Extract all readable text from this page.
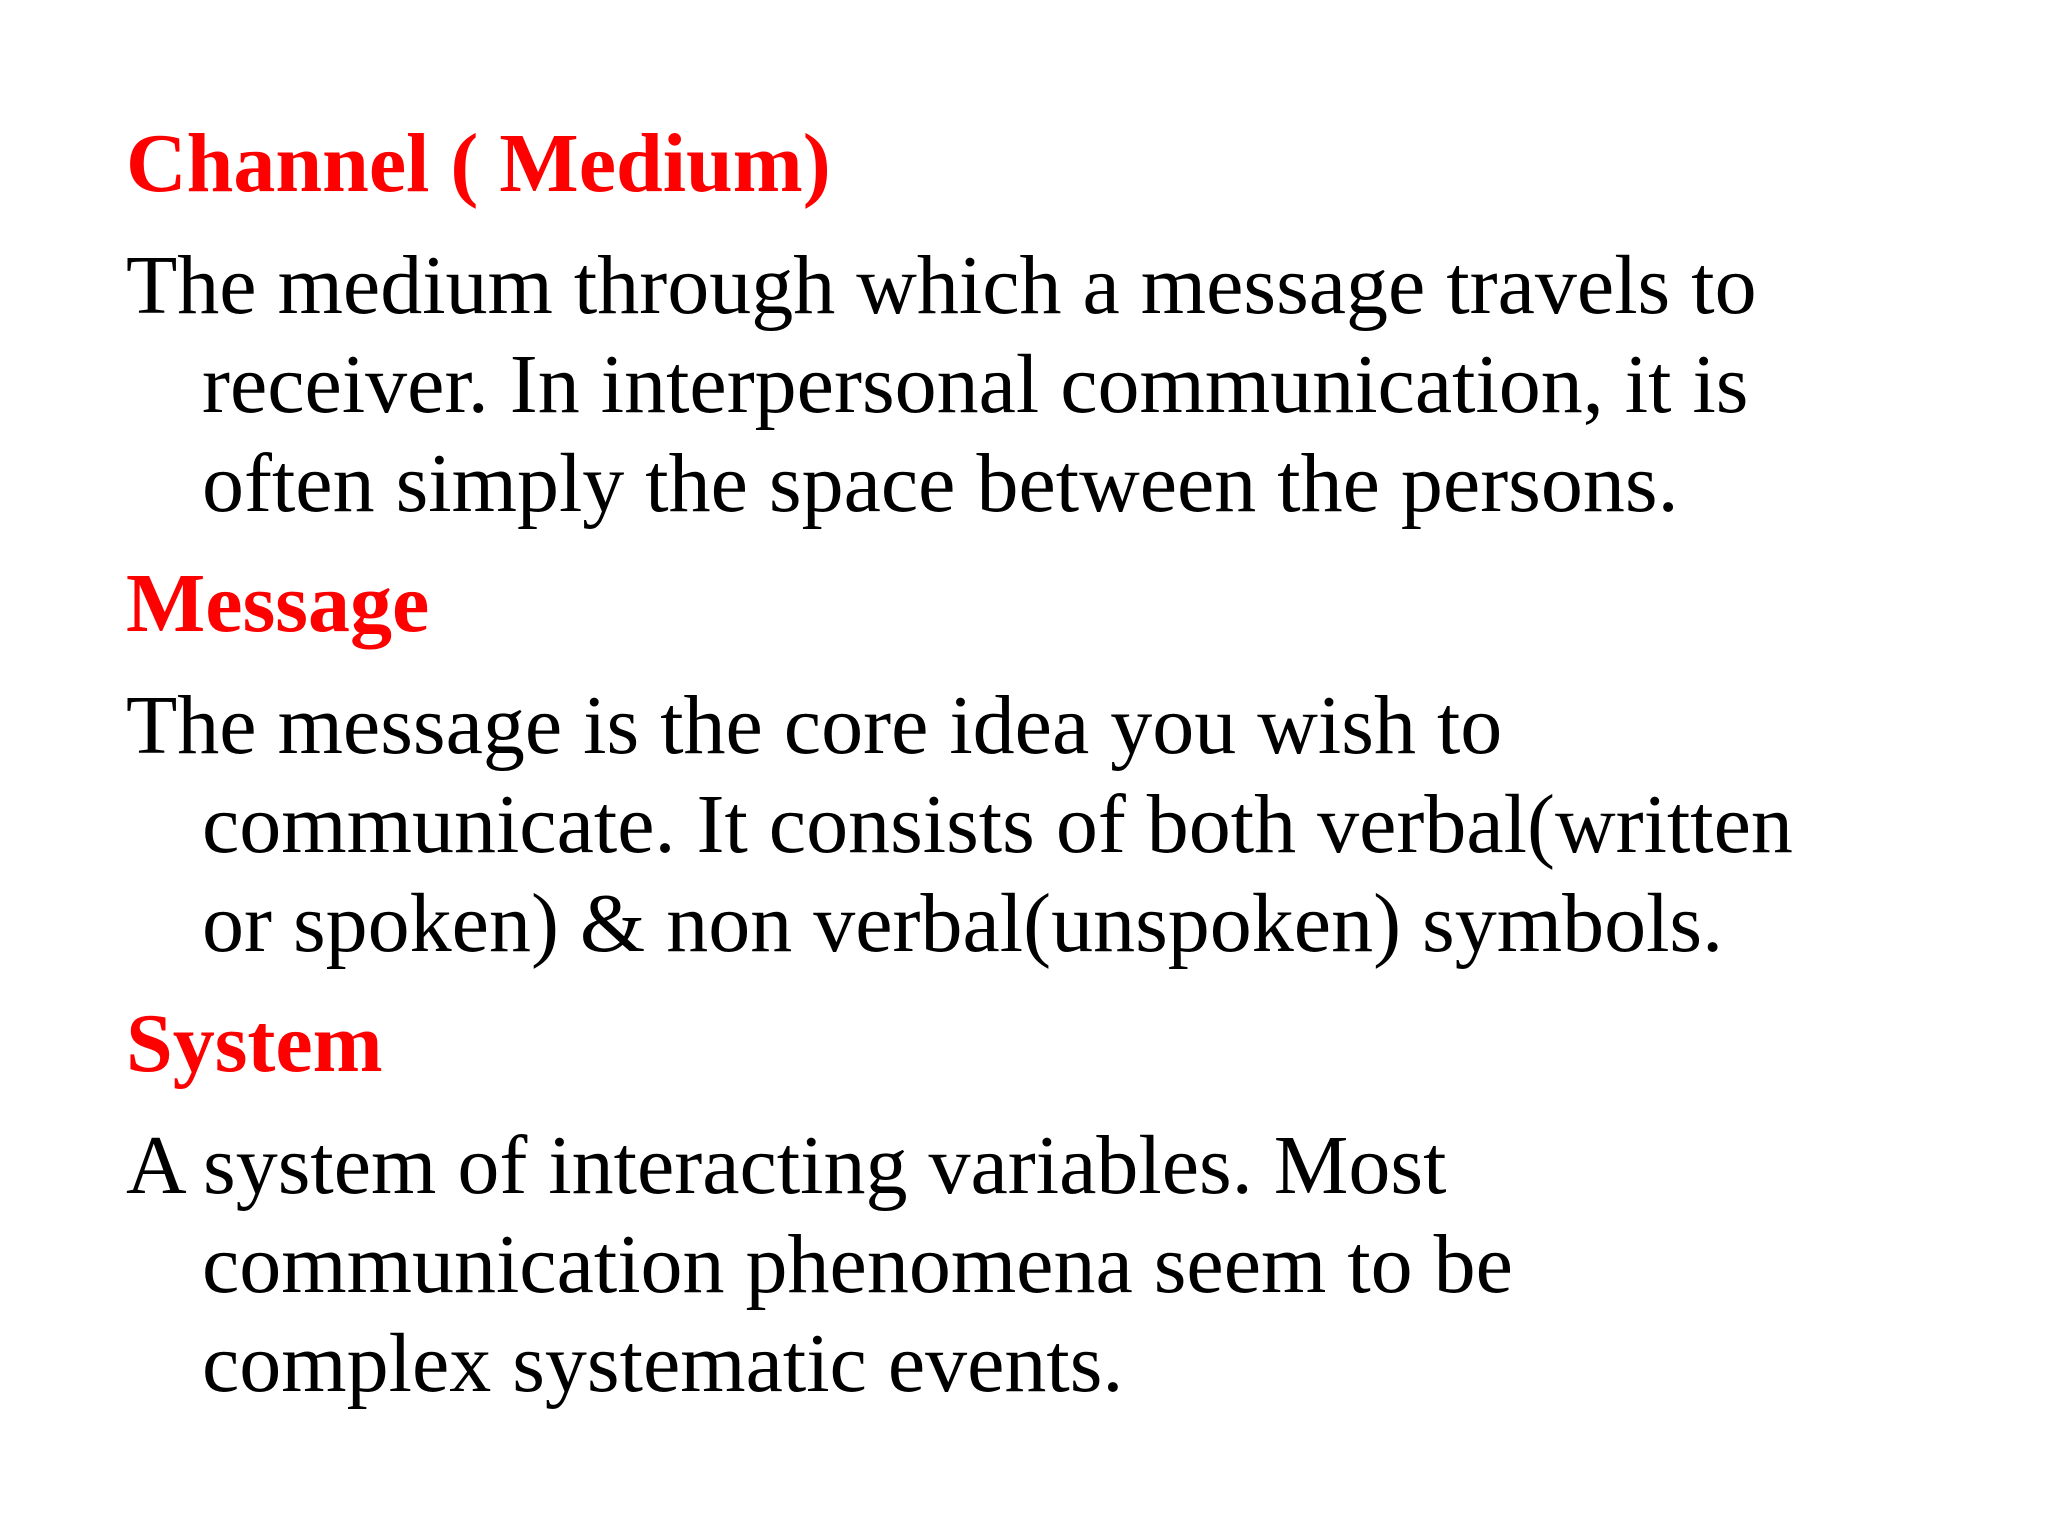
Channel ( Medium)

The medium through which a message travels to
receiver. In interpersonal communication, it is
often simply the space between the persons.

Message

The message is the core idea you wish to
communicate. It consists of both verbal(written
or spoken) & non verbal(unspoken) symbols.

System

A system of interacting variables. Most
communication phenomena seem to be
complex systematic events.
